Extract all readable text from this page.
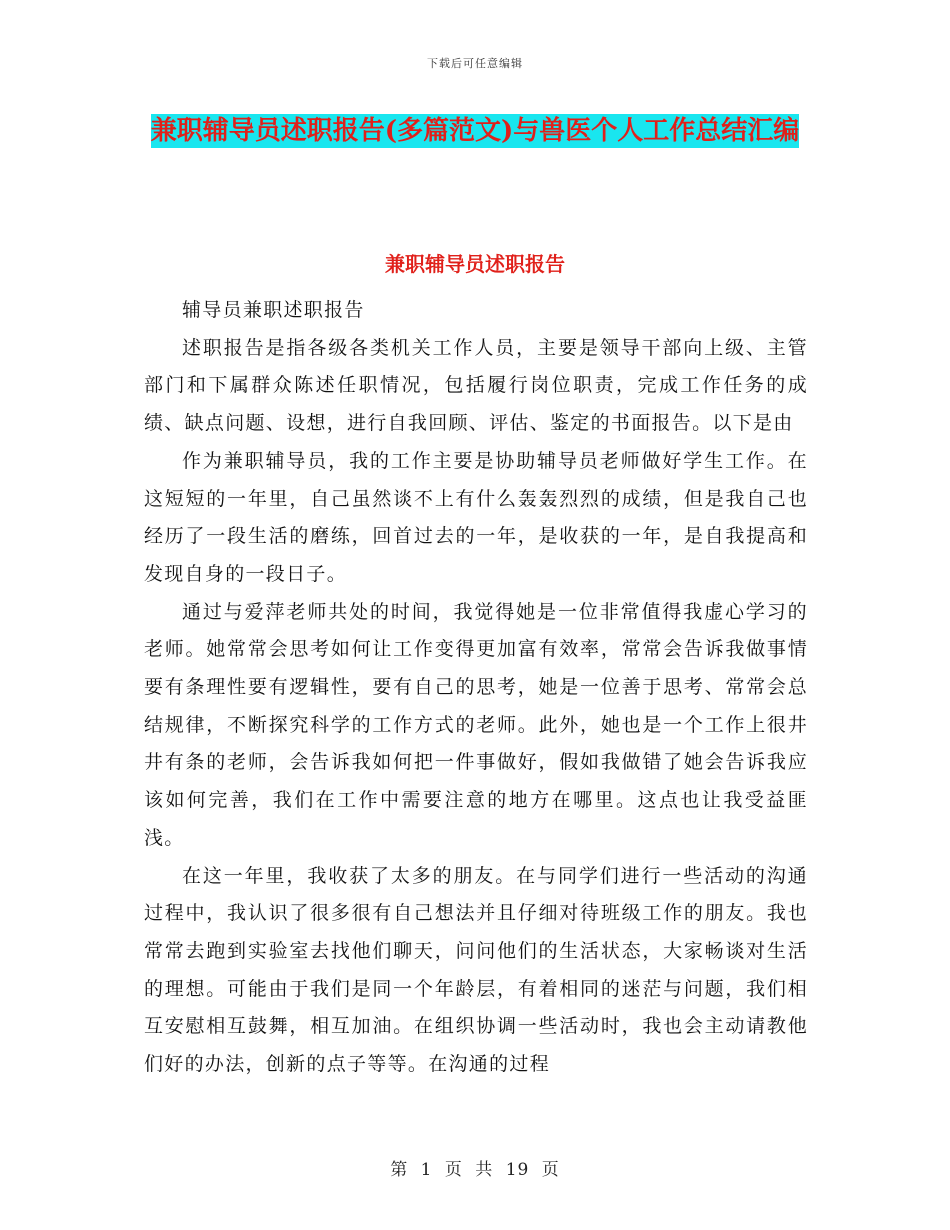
下载后可任意编辑
兼职辅导员述职报告(多篇范文)与兽医个人工作总结汇编
兼职辅导员述职报告

辅导员兼职述职报告

述职报告是指各级各类机关工作人员，主要是领导干部向上级、主管部门和下属群众陈述任职情况，包括履行岗位职责，完成工作任务的成绩、缺点问题、设想，进行自我回顾、评估、鉴定的书面报告。以下是由

作为兼职辅导员，我的工作主要是协助辅导员老师做好学生工作。在这短短的一年里，自己虽然谈不上有什么轰轰烈烈的成绩，但是我自己也经历了一段生活的磨练，回首过去的一年，是收获的一年，是自我提高和发现自身的一段日子。

通过与爱萍老师共处的时间，我觉得她是一位非常值得我虚心学习的老师。她常常会思考如何让工作变得更加富有效率，常常会告诉我做事情要有条理性要有逻辑性，要有自己的思考，她是一位善于思考、常常会总结规律，不断探究科学的工作方式的老师。此外，她也是一个工作上很井井有条的老师，会告诉我如何把一件事做好，假如我做错了她会告诉我应该如何完善，我们在工作中需要注意的地方在哪里。这点也让我受益匪浅。

在这一年里，我收获了太多的朋友。在与同学们进行一些活动的沟通过程中，我认识了很多很有自己想法并且仔细对待班级工作的朋友。我也常常去跑到实验室去找他们聊天，问问他们的生活状态，大家畅谈对生活的理想。可能由于我们是同一个年龄层，有着相同的迷茫与问题，我们相互安慰相互鼓舞，相互加油。在组织协调一些活动时，我也会主动请教他们好的办法，创新的点子等等。在沟通的过程

第 1 页 共 19 页
